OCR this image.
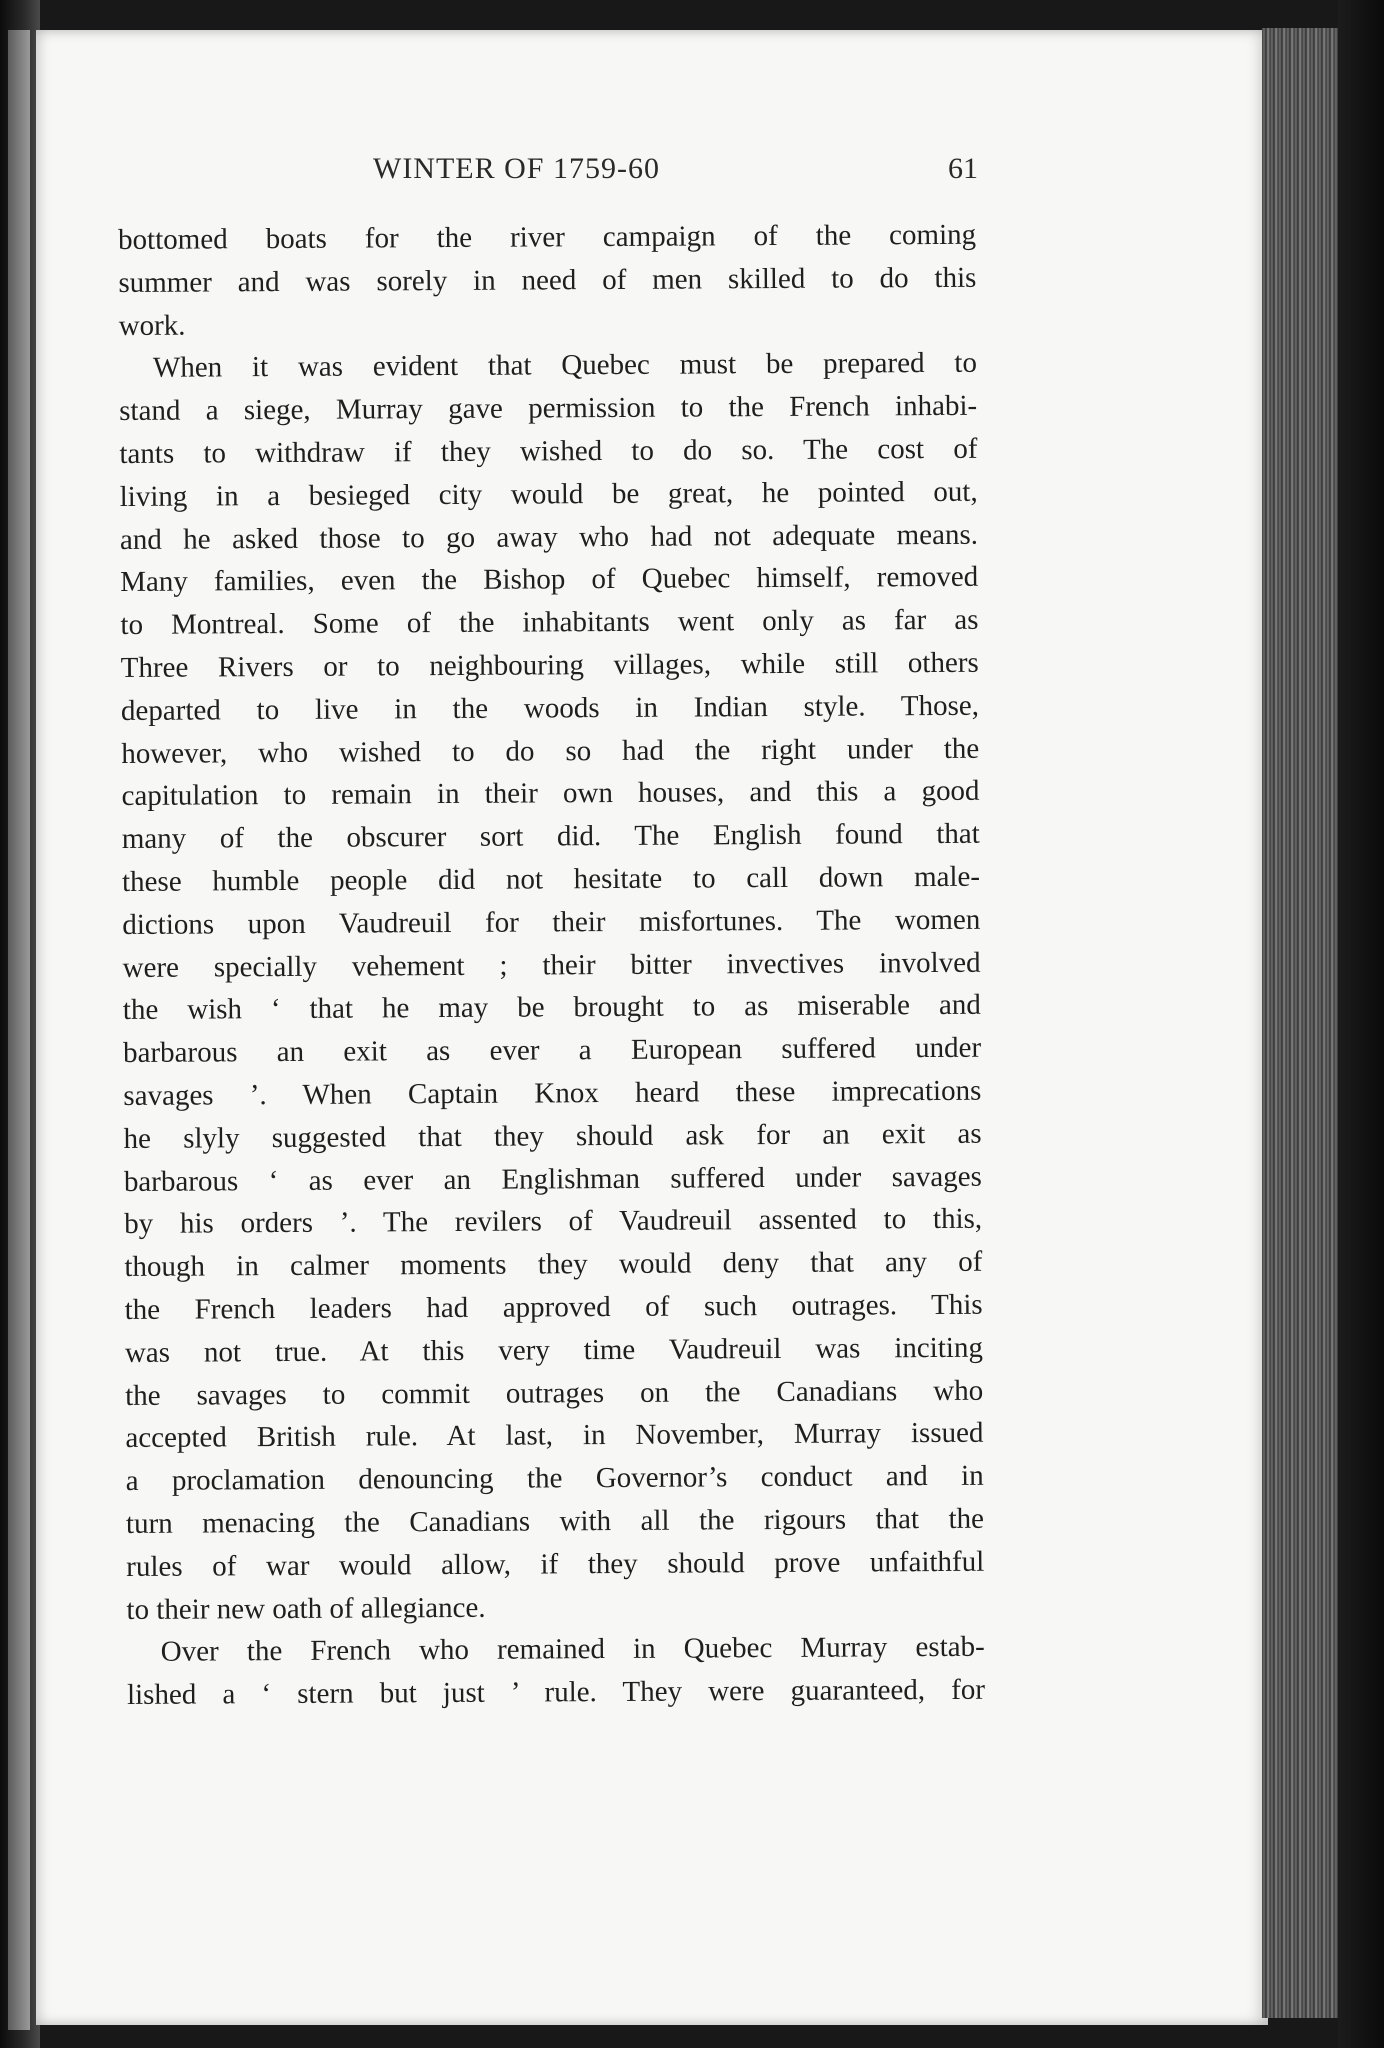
WINTER OF 1759-60	61
bottomed boats for the river campaign of the coming
summer and was sorely in need of men skilled to do this
work.
When it was evident that Quebec must be prepared to
stand a siege, Murray gave permission to the French inhabi-
tants to withdraw if they wished to do so. The cost of
living in a besieged city would be great, he pointed out,
and he asked those to go away who had not adequate means.
Many families, even the Bishop of Quebec himself, removed
to Montreal. Some of the inhabitants went only as far as
Three Rivers or to neighbouring villages, while still others
departed to live in the woods in Indian style. Those,
however, who wished to do so had the right under the
capitulation to remain in their own houses, and this a good
many of the obscurer sort did. The English found that
these humble people did not hesitate to call down male-
dictions upon Vaudreuil for their misfortunes. The women
were specially vehement ; their bitter invectives involved
the wish ‘ that he may be brought to as miserable and
barbarous an exit as ever a European suffered under
savages ’. When Captain Knox heard these imprecations
he slyly suggested that they should ask for an exit as
barbarous ‘ as ever an Englishman suffered under savages
by his orders ’. The revilers of Vaudreuil assented to this,
though in calmer moments they would deny that any of
the French leaders had approved of such outrages. This
was not true. At this very time Vaudreuil was inciting
the savages to commit outrages on the Canadians who
accepted British rule. At last, in November, Murray issued
a proclamation denouncing the Governor’s conduct and in
turn menacing the Canadians with all the rigours that the
rules of war would allow, if they should prove unfaithful
to their new oath of allegiance.
Over the French who remained in Quebec Murray estab-
lished a ‘ stern but just ’ rule. They were guaranteed, for
